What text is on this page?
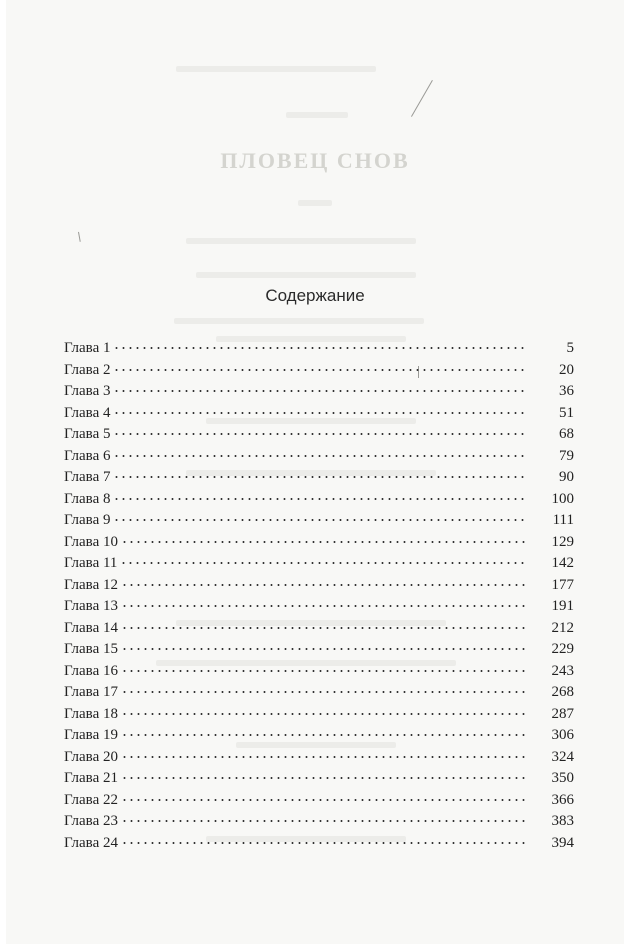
ПЛОВЕЦ СНОВ
Содержание
Глава 1	5
Глава 2	20
Глава 3	36
Глава 4	51
Глава 5	68
Глава 6	79
Глава 7	90
Глава 8	100
Глава 9	111
Глава 10	129
Глава 11	142
Глава 12	177
Глава 13	191
Глава 14	212
Глава 15	229
Глава 16	243
Глава 17	268
Глава 18	287
Глава 19	306
Глава 20	324
Глава 21	350
Глава 22	366
Глава 23	383
Глава 24	394
